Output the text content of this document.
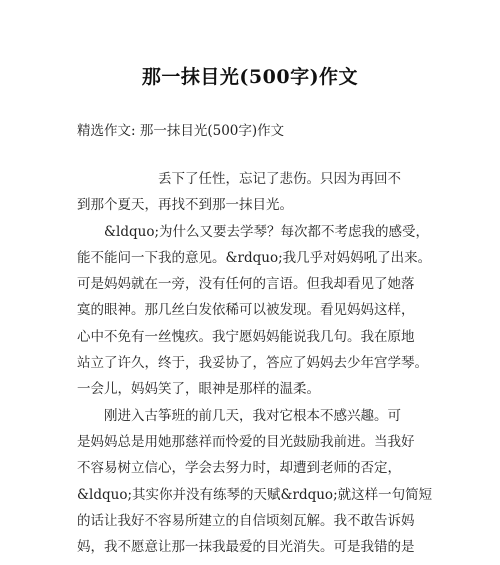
那一抹目光(500字)作文
精选作文: 那一抹目光(500字)作文
　　　　　　丢下了任性，忘记了悲伤。只因为再回不
到那个夏天，再找不到那一抹目光。
　　&ldquo;为什么又要去学琴？每次都不考虑我的感受，
能不能问一下我的意见。&rdquo;我几乎对妈妈吼了出来。
可是妈妈就在一旁，没有任何的言语。但我却看见了她落
寞的眼神。那几丝白发依稀可以被发现。看见妈妈这样，
心中不免有一丝愧疚。我宁愿妈妈能说我几句。我在原地
站立了许久，终于，我妥协了，答应了妈妈去少年宫学琴。
一会儿，妈妈笑了，眼神是那样的温柔。
　　刚进入古筝班的前几天，我对它根本不感兴趣。可
是妈妈总是用她那慈祥而怜爱的目光鼓励我前进。当我好
不容易树立信心，学会去努力时，却遭到老师的否定，
&ldquo;其实你并没有练琴的天赋&rdquo;就这样一句简短
的话让我好不容易所建立的自信顷刻瓦解。我不敢告诉妈
妈，我不愿意让那一抹我最爱的目光消失。可是我错的是
